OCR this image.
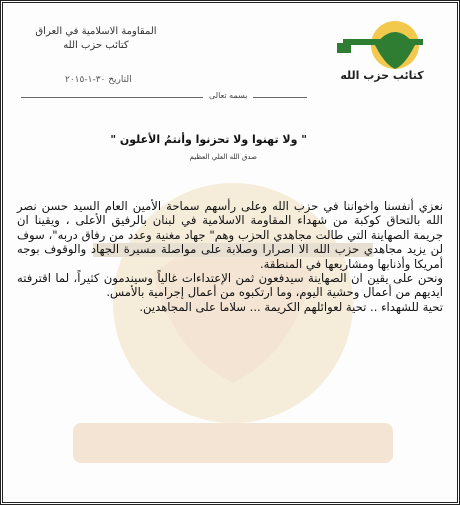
المقاومة الاسلامية في العراق
كتائب حزب الله
التاريخ ٣٠-١-٢٠١٥	كتائب حزب الله
بسمه تعالى
" ولا تهنوا ولا تحزنوا وأنتمُ الأعلون "
صدق الله العلي العظيم

نعزي أنفسنا واخواننا في حزب الله وعلى رأسهم سماحة الأمين العام السيد حسن نصر الله بالتحاق كوكبة من شهداء المقاومة الاسلامية في لبنان بالرفيق الأعلى ، ويقينا ان جريمة الصهاينة التي طالت مجاهدي الحزب وهم" جهاد مغنية وعدد من رفاق دربه"، سوف لن يزيد مجاهدي حزب الله الا اصرارا وصلابة على مواصلة مسيرة الجهاد والوقوف بوجه أمريكا وأذنابها ومشاريعها في المنطقة.

ونحن على يقين ان الصهاينة سيدفعون ثمن الإعتداءات غالياً وسيندمون كثيراً، لما اقترفته ايديهم من أعمال وحشية اليوم، وما ارتكبوه من أعمال إجرامية بالأمس.

تحية للشهداء .. تحية لعوائلهم الكريمة ... سلاما على المجاهدين.
